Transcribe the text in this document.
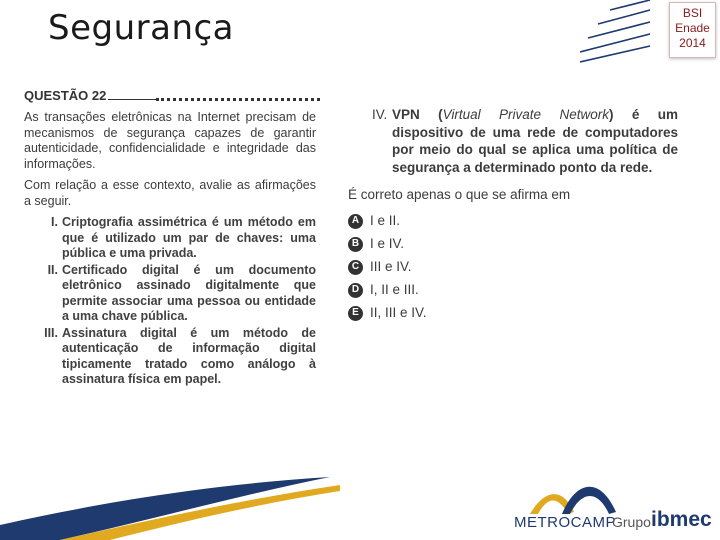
Segurança	BSI
Enade
2014
QUESTÃO 22

As transações eletrônicas na Internet precisam de mecanismos de segurança capazes de garantir autenticidade, confidencialidade e integridade das informações.

Com relação a esse contexto, avalie as afirmações a seguir.

I. Criptografia assimétrica é um método em que é utilizado um par de chaves: uma pública e uma privada.
II. Certificado digital é um documento eletrônico assinado digitalmente que permite associar uma pessoa ou entidade a uma chave pública.
III. Assinatura digital é um método de autenticação de informação digital tipicamente tratado como análogo à assinatura física em papel.
IV. VPN (Virtual Private Network) é um dispositivo de uma rede de computadores por meio do qual se aplica uma política de segurança a determinado ponto da rede.
É correto apenas o que se afirma em
A I e II.
B I e IV.
C III e IV.
D I, II e III.
E II, III e IV.
METROCAMP
Grupo ibmec
